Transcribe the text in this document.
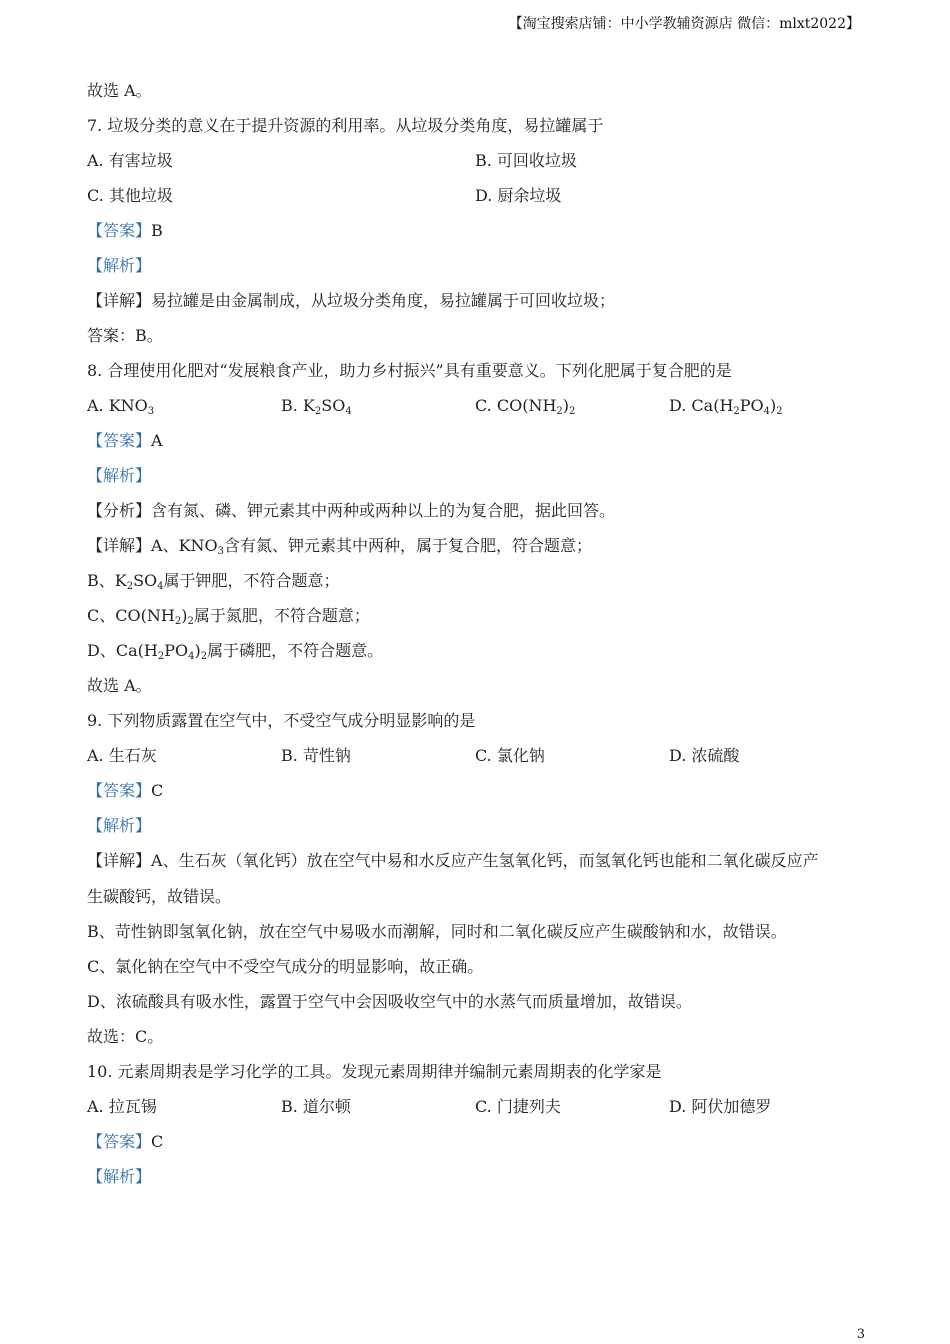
【淘宝搜索店铺：中小学教辅资源店 微信：mlxt2022】
故选 A。
7. 垃圾分类的意义在于提升资源的利用率。从垃圾分类角度，易拉罐属于
A. 有害垃圾	B. 可回收垃圾
C. 其他垃圾	D. 厨余垃圾
【答案】B
【解析】
【详解】易拉罐是由金属制成，从垃圾分类角度，易拉罐属于可回收垃圾；
答案：B。
8. 合理使用化肥对“发展粮食产业，助力乡村振兴”具有重要意义。下列化肥属于复合肥的是
A. $KNO_3$	B. $K_2SO_4$	C. $CO(NH_2)_2$	D. $Ca(H_2PO_4)_2$
【答案】A
【解析】
【分析】含有氮、磷、钾元素其中两种或两种以上的为复合肥，据此回答。
【详解】A、$KNO_3$含有氮、钾元素其中两种，属于复合肥，符合题意；
B、$K_2SO_4$属于钾肥，不符合题意；
C、$CO(NH_2)_2$属于氮肥，不符合题意；
D、$Ca(H_2PO_4)_2$属于磷肥，不符合题意。
故选 A。
9. 下列物质露置在空气中，不受空气成分明显影响的是
A. 生石灰	B. 苛性钠	C. 氯化钠	D. 浓硫酸
【答案】C
【解析】
【详解】A、生石灰（氧化钙）放在空气中易和水反应产生氢氧化钙，而氢氧化钙也能和二氧化碳反应产
生碳酸钙，故错误。
B、苛性钠即氢氧化钠，放在空气中易吸水而潮解，同时和二氧化碳反应产生碳酸钠和水，故错误。
C、氯化钠在空气中不受空气成分的明显影响，故正确。
D、浓硫酸具有吸水性，露置于空气中会因吸收空气中的水蒸气而质量增加，故错误。
故选：C。
10. 元素周期表是学习化学的工具。发现元素周期律并编制元素周期表的化学家是
A. 拉瓦锡	B. 道尔顿	C. 门捷列夫	D. 阿伏加德罗
【答案】C
【解析】
3
